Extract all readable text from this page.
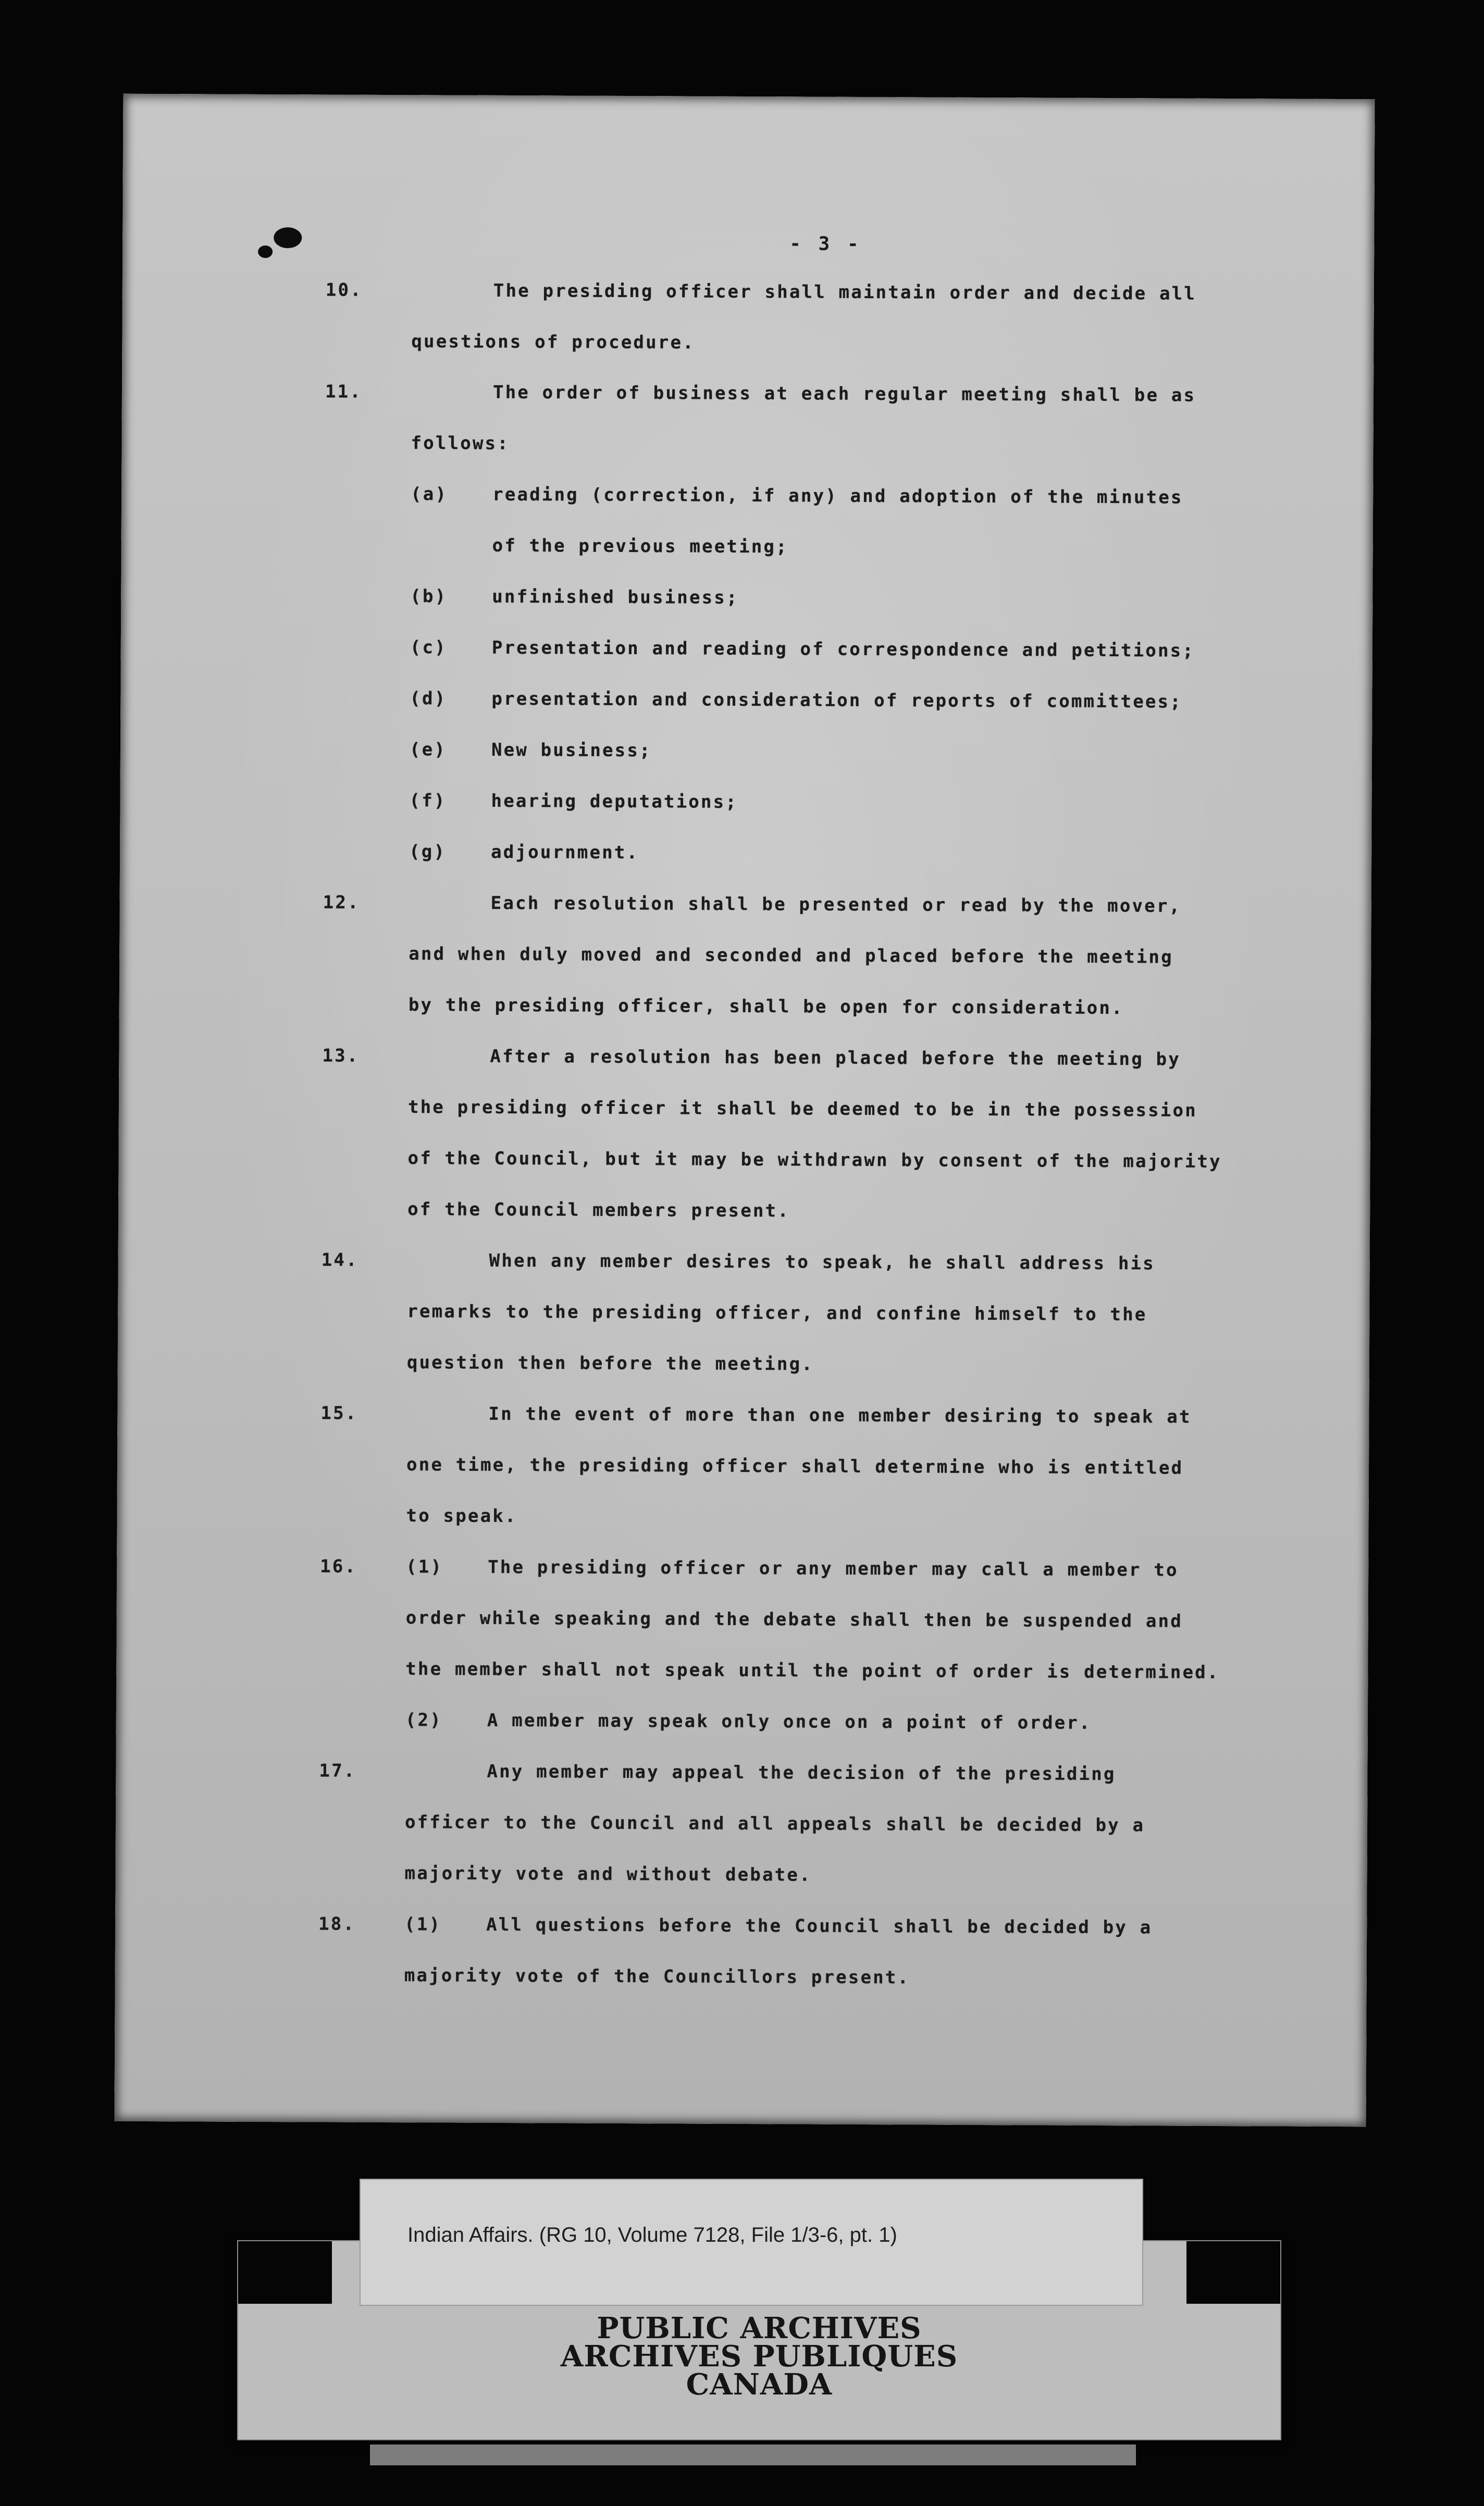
- 3 -
10.	The presiding officer shall maintain order and decide all
questions of procedure.
11.	The order of business at each regular meeting shall be as
follows:
(a)	reading (correction, if any) and adoption of the minutes
of the previous meeting;
(b)	unfinished business;
(c)	Presentation and reading of correspondence and petitions;
(d)	presentation and consideration of reports of committees;
(e)	New business;
(f)	hearing deputations;
(g)	adjournment.
12.	Each resolution shall be presented or read by the mover,
and when duly moved and seconded and placed before the meeting
by the presiding officer, shall be open for consideration.
13.	After a resolution has been placed before the meeting by
the presiding officer it shall be deemed to be in the possession
of the Council, but it may be withdrawn by consent of the majority
of the Council members present.
14.	When any member desires to speak, he shall address his
remarks to the presiding officer, and confine himself to the
question then before the meeting.
15.	In the event of more than one member desiring to speak at
one time, the presiding officer shall determine who is entitled
to speak.
16.	(1)	The presiding officer or any member may call a member to
order while speaking and the debate shall then be suspended and
the member shall not speak until the point of order is determined.
(2)	A member may speak only once on a point of order.
17.	Any member may appeal the decision of the presiding
officer to the Council and all appeals shall be decided by a
majority vote and without debate.
18.	(1)	All questions before the Council shall be decided by a
majority vote of the Councillors present.
PUBLIC ARCHIVES
ARCHIVES PUBLIQUES
CANADA
Indian Affairs. (RG 10, Volume 7128, File 1/3-6, pt. 1)
